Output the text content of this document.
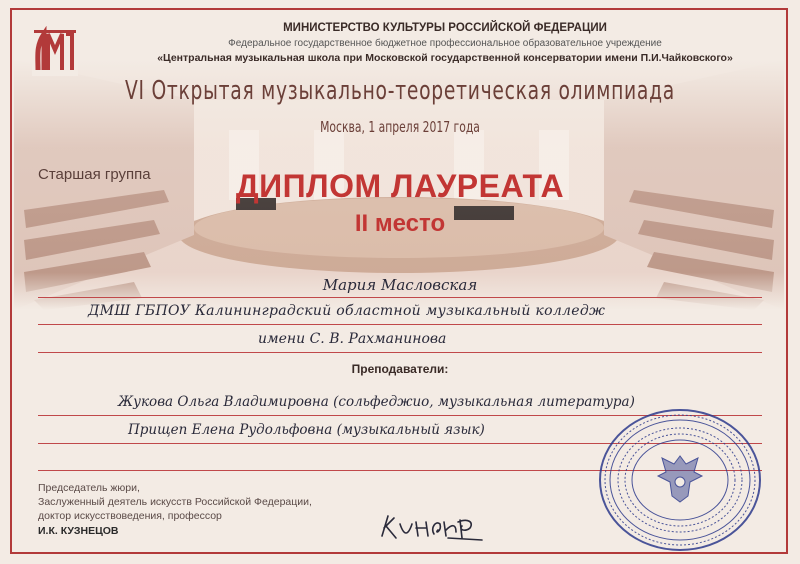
МИНИСТЕРСТВО КУЛЬТУРЫ РОССИЙСКОЙ ФЕДЕРАЦИИ
Федеральное государственное бюджетное профессиональное образовательное учреждение
«Центральная музыкальная школа при Московской государственной консерватории имени П.И.Чайковского»
VI Открытая музыкально-теоретическая олимпиада
Москва, 1 апреля 2017 года
Старшая группа	ДИПЛОМ ЛАУРЕАТА
II место
Мария Масловская
ДМШ ГБПОУ Калининградский областной музыкальный колледж
имени С. В. Рахманинова
Преподаватели:
Жукова Ольга Владимировна (сольфеджио, музыкальная литература)
Прищеп Елена Рудольфовна (музыкальный язык)
Председатель жюри,
Заслуженный деятель искусств Российской Федерации,
доктор искусствоведения, профессор
И.К. КУЗНЕЦОВ
